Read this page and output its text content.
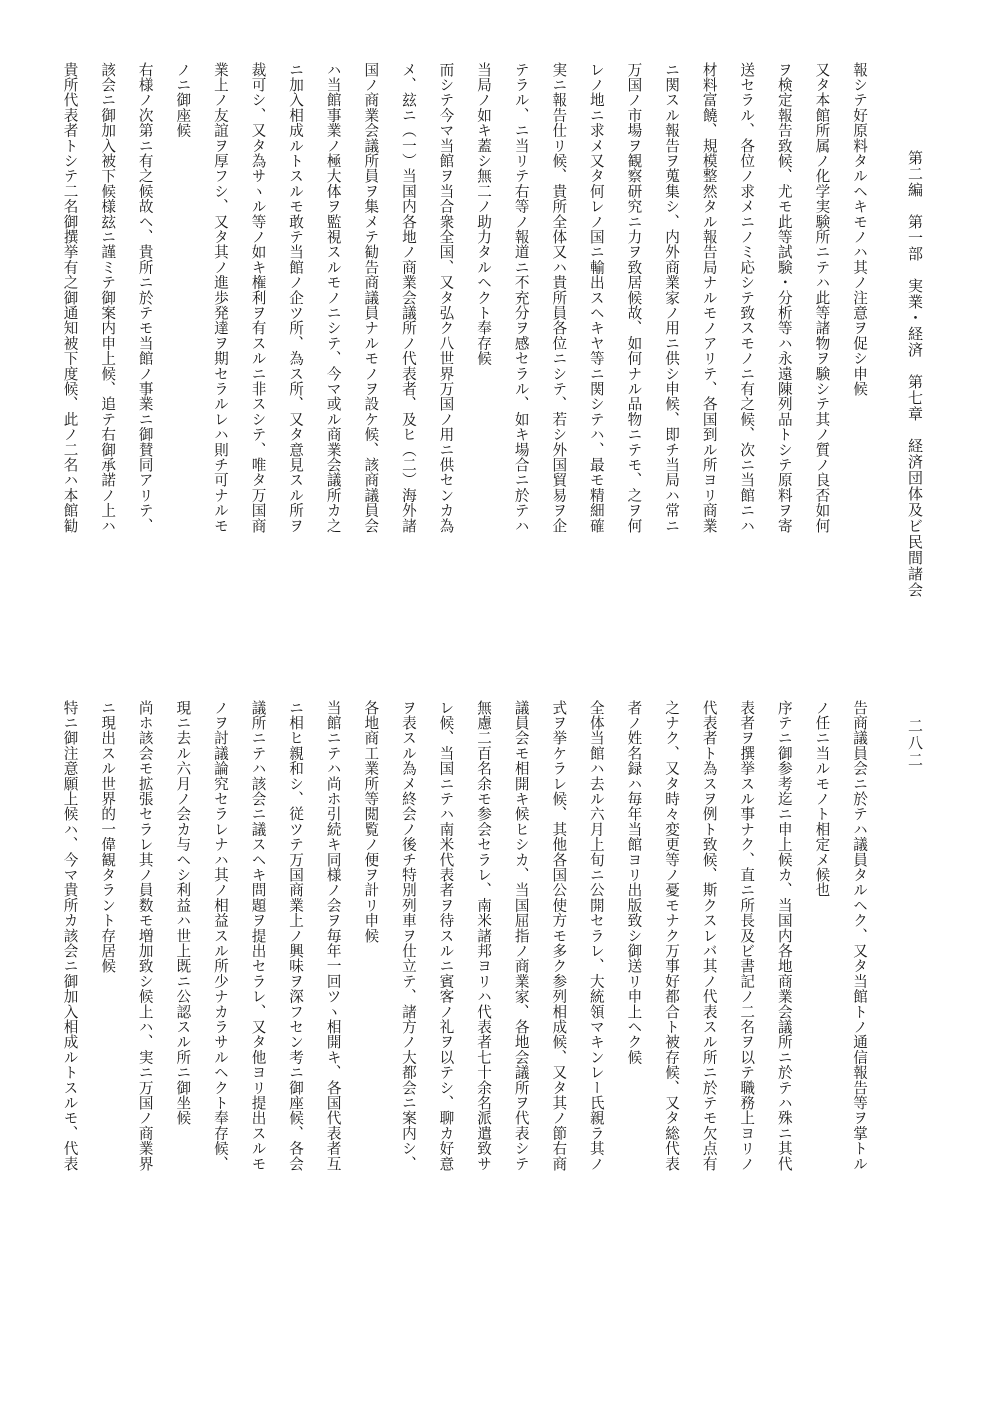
第二編　第一部　実業・経済　第七章　経済団体及ビ民間諸会
二八二
報シテ好原料タルヘキモノハ其ノ注意ヲ促シ申候
又タ本館所属ノ化学実験所ニテハ此等諸物ヲ験シテ其ノ質ノ良否如何
ヲ検定報告致候、尤モ此等試験・分析等ハ永遠陳列品トシテ原料ヲ寄
送セラル、各位ノ求メニノミ応シテ致スモノニ有之候、次ニ当館ニハ
材料富饒、規模整然タル報告局ナルモノアリテ、各国到ル所ヨリ商業
ニ関スル報告ヲ蒐集シ、内外商業家ノ用ニ供シ申候、即チ当局ハ常ニ
万国ノ市場ヲ観察研究ニ力ヲ致居候故、如何ナル品物ニテモ、之ヲ何
レノ地ニ求メ又タ何レノ国ニ輸出スヘキヤ等ニ関シテハ、最モ精細確
実ニ報告仕リ候、貴所全体又ハ貴所員各位ニシテ、若シ外国貿易ヲ企
テラル、ニ当リテ右等ノ報道ニ不充分ヲ感セラル、如キ場合ニ於テハ
当局ノ如キ蓋シ無二ノ助力タルヘクト奉存候
而シテ今マ当館ヲ当合衆全国、又タ弘ク八世界万国ノ用ニ供センカ為
メ、玆ニ（一）当国内各地ノ商業会議所ノ代表者、及ヒ（二）海外諸
国ノ商業会議所員ヲ集メテ勧告商議員ナルモノヲ設ケ候、該商議員会
ハ当館事業ノ極大体ヲ監視スルモノニシテ、今マ或ル商業会議所カ之
ニ加入相成ルトスルモ敢テ当館ノ企ツ所、為ス所、又タ意見スル所ヲ
裁可シ、又タ為サヽル等ノ如キ権利ヲ有スルニ非スシテ、唯タ万国商
業上ノ友誼ヲ厚フシ、又タ其ノ進歩発達ヲ期セラルレハ則チ可ナルモ
ノニ御座候
右様ノ次第ニ有之候故ヘ、貴所ニ於テモ当館ノ事業ニ御賛同アリテ、
該会ニ御加入被下候様玆ニ謹ミテ御案内申上候、追テ右御承諾ノ上ハ
貴所代表者トシテ二名御撰挙有之御通知被下度候、此ノ二名ハ本館勧
告商議員会ニ於テハ議員タルヘク、又タ当館トノ通信報告等ヲ掌トル
ノ任ニ当ルモノト相定メ候也
序テニ御参考迄ニ申上候カ、当国内各地商業会議所ニ於テハ殊ニ其代
表者ヲ撰挙スル事ナク、直ニ所長及ビ書記ノ二名ヲ以テ職務上ヨリノ
代表者ト為スヲ例ト致候、斯クスレバ其ノ代表スル所ニ於テモ欠点有
之ナク、又タ時々変更等ノ憂モナク万事好都合ト被存候、又タ総代表
者ノ姓名録ハ毎年当館ヨリ出版致シ御送リ申上ヘク候
全体当館ハ去ル六月上旬ニ公開セラレ、大統領マキンレー氏親ラ其ノ
式ヲ挙ケラレ候、其他各国公使方モ多ク参列相成候、又タ其ノ節右商
議員会モ相開キ候ヒシカ、当国屈指ノ商業家、各地会議所ヲ代表シテ
無慮二百名余モ参会セラレ、南米諸邦ヨリハ代表者七十余名派遣致サ
レ候、当国ニテハ南米代表者ヲ待スルニ賓客ノ礼ヲ以テシ、聊カ好意
ヲ表スル為メ終会ノ後チ特別列車ヲ仕立テ、諸方ノ大都会ニ案内シ、
各地商工業所等閲覧ノ便ヲ計リ申候
当館ニテハ尚ホ引続キ同様ノ会ヲ毎年一回ツヽ相開キ、各国代表者互
ニ相ヒ親和シ、従ツテ万国商業上ノ興味ヲ深フセン考ニ御座候、各会
議所ニテハ該会ニ議スヘキ問題ヲ提出セラレ、又タ他ヨリ提出スルモ
ノヲ討議論究セラレナハ其ノ相益スル所少ナカラサルヘクト奉存候、
現ニ去ル六月ノ会カ与ヘシ利益ハ世上既ニ公認スル所ニ御坐候
尚ホ該会モ拡張セラレ其ノ員数モ増加致シ候上ハ、実ニ万国ノ商業界
ニ現出スル世界的一偉観タラント存居候
特ニ御注意願上候ハ、今マ貴所カ該会ニ御加入相成ルトスルモ、代表
